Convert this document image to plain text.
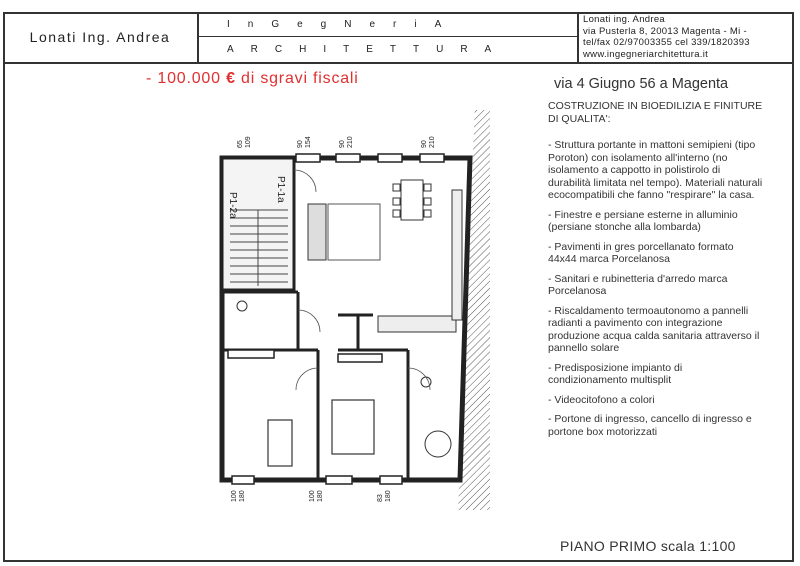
Lonati Ing. Andrea
InGegNeriA
ARCHITETTURA
Lonati ing. Andrea
via Pusterla 8, 20013 Magenta - Mi -
tel/fax 02/97003355 cel 339/1820393
www.ingegneriarchitettura.it
- 100.000 € di sgravi fiscali	via 4 Giugno 56 a Magenta
COSTRUZIONE IN BIOEDILIZIA E FINITURE DI QUALITA':
- Struttura portante in mattoni semipieni (tipo Poroton) con isolamento all'interno (no isolamento a cappotto in polistirolo di durabilità limitata nel tempo). Materiali naturali ecocompatibili che fanno "respirare" la casa.
- Finestre e persiane esterne in alluminio (persiane stonche alla lombarda)
- Pavimenti in gres porcellanato formato 44x44 marca Porcelanosa
- Sanitari e rubinetteria d'arredo marca Porcelanosa
- Riscaldamento termoautonomo a pannelli radianti a pavimento con integrazione produzione acqua calda sanitaria attraverso il pannello solare
- Predisposizione impianto di condizionamento multisplit
- Videocitofono a colori
- Portone di ingresso, cancello di ingresso e portone box motorizzati
P1-2a
P1-1a
65 109	90 154	90 210	90 210
100 180	100 180	83 180
PIANO PRIMO scala 1:100
